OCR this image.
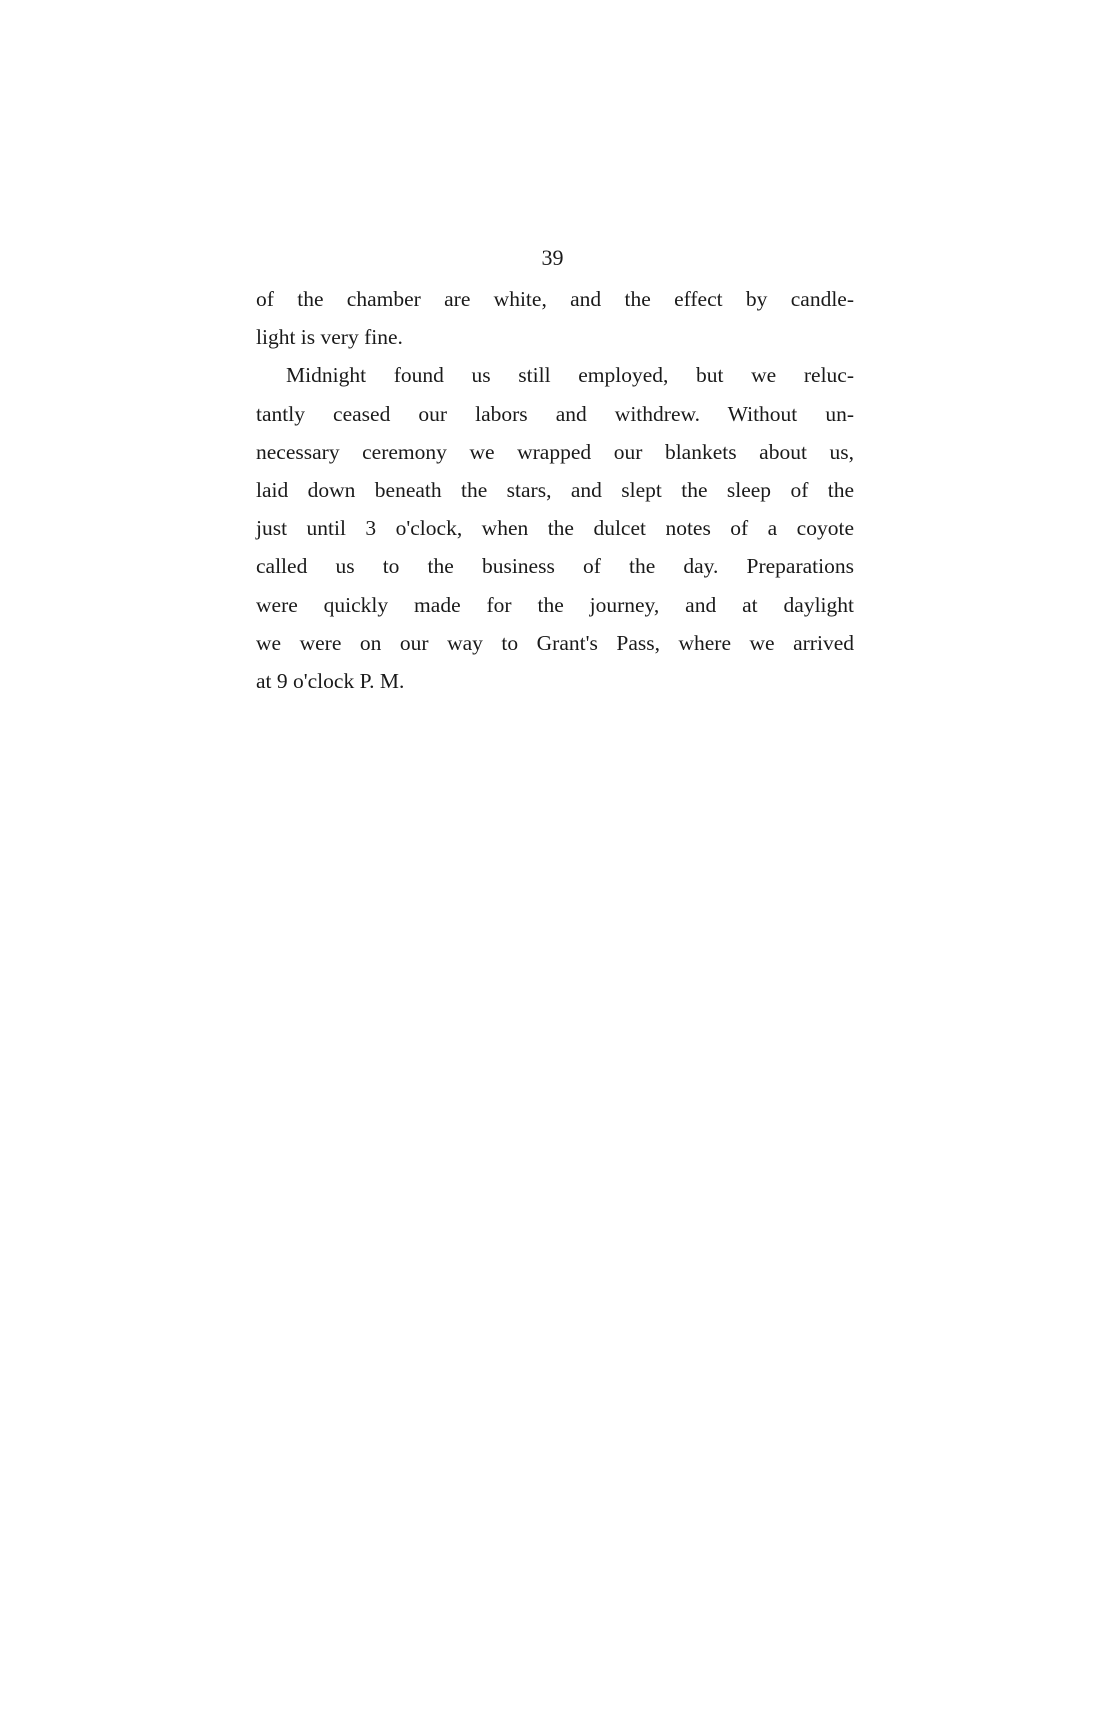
39
of the chamber are white, and the effect by candle-
light is very fine.
Midnight found us still employed, but we reluc-
tantly ceased our labors and withdrew. Without un-
necessary ceremony we wrapped our blankets about us,
laid down beneath the stars, and slept the sleep of the
just until 3 o'clock, when the dulcet notes of a coyote
called us to the business of the day. Preparations
were quickly made for the journey, and at daylight
we were on our way to Grant's Pass, where we arrived
at 9 o'clock P. M.
